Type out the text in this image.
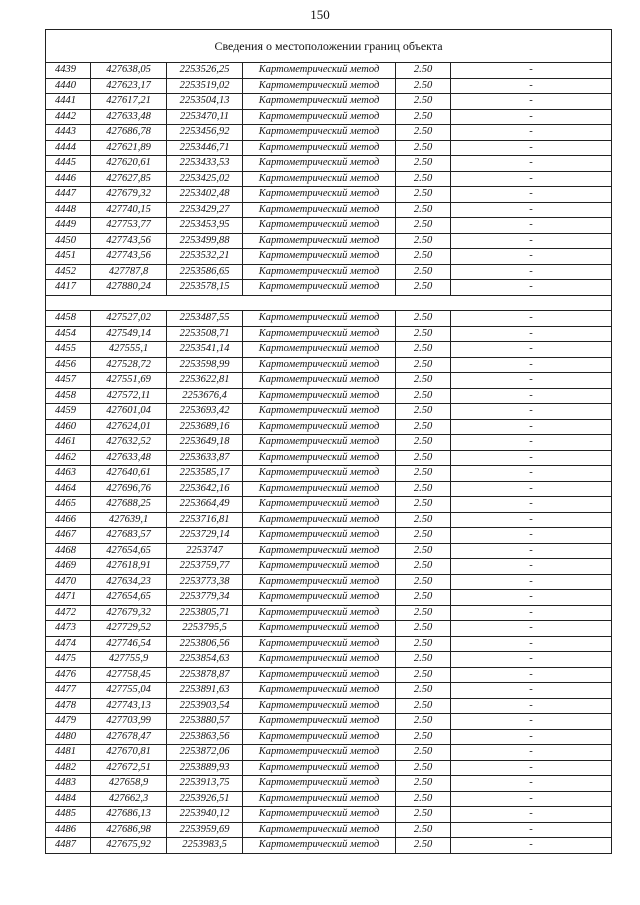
150
Сведения о местоположении границ объекта					
4439	427638,05	2253526,25	Картометрический метод	2.50	-
4440	427623,17	2253519,02	Картометрический метод	2.50	-
4441	427617,21	2253504,13	Картометрический метод	2.50	-
4442	427633,48	2253470,11	Картометрический метод	2.50	-
4443	427686,78	2253456,92	Картометрический метод	2.50	-
4444	427621,89	2253446,71	Картометрический метод	2.50	-
4445	427620,61	2253433,53	Картометрический метод	2.50	-
4446	427627,85	2253425,02	Картометрический метод	2.50	-
4447	427679,32	2253402,48	Картометрический метод	2.50	-
4448	427740,15	2253429,27	Картометрический метод	2.50	-
4449	427753,77	2253453,95	Картометрический метод	2.50	-
4450	427743,56	2253499,88	Картометрический метод	2.50	-
4451	427743,56	2253532,21	Картометрический метод	2.50	-
4452	427787,8	2253586,65	Картометрический метод	2.50	-
4417	427880,24	2253578,15	Картометрический метод	2.50	-

4458	427527,02	2253487,55	Картометрический метод	2.50	-
4454	427549,14	2253508,71	Картометрический метод	2.50	-
4455	427555,1	2253541,14	Картометрический метод	2.50	-
4456	427528,72	2253598,99	Картометрический метод	2.50	-
4457	427551,69	2253622,81	Картометрический метод	2.50	-
4458	427572,11	2253676,4	Картометрический метод	2.50	-
4459	427601,04	2253693,42	Картометрический метод	2.50	-
4460	427624,01	2253689,16	Картометрический метод	2.50	-
4461	427632,52	2253649,18	Картометрический метод	2.50	-
4462	427633,48	2253633,87	Картометрический метод	2.50	-
4463	427640,61	2253585,17	Картометрический метод	2.50	-
4464	427696,76	2253642,16	Картометрический метод	2.50	-
4465	427688,25	2253664,49	Картометрический метод	2.50	-
4466	427639,1	2253716,81	Картометрический метод	2.50	-
4467	427683,57	2253729,14	Картометрический метод	2.50	-
4468	427654,65	2253747	Картометрический метод	2.50	-
4469	427618,91	2253759,77	Картометрический метод	2.50	-
4470	427634,23	2253773,38	Картометрический метод	2.50	-
4471	427654,65	2253779,34	Картометрический метод	2.50	-
4472	427679,32	2253805,71	Картометрический метод	2.50	-
4473	427729,52	2253795,5	Картометрический метод	2.50	-
4474	427746,54	2253806,56	Картометрический метод	2.50	-
4475	427755,9	2253854,63	Картометрический метод	2.50	-
4476	427758,45	2253878,87	Картометрический метод	2.50	-
4477	427755,04	2253891,63	Картометрический метод	2.50	-
4478	427743,13	2253903,54	Картометрический метод	2.50	-
4479	427703,99	2253880,57	Картометрический метод	2.50	-
4480	427678,47	2253863,56	Картометрический метод	2.50	-
4481	427670,81	2253872,06	Картометрический метод	2.50	-
4482	427672,51	2253889,93	Картометрический метод	2.50	-
4483	427658,9	2253913,75	Картометрический метод	2.50	-
4484	427662,3	2253926,51	Картометрический метод	2.50	-
4485	427686,13	2253940,12	Картометрический метод	2.50	-
4486	427686,98	2253959,69	Картометрический метод	2.50	-
4487	427675,92	2253983,5	Картометрический метод	2.50	-
